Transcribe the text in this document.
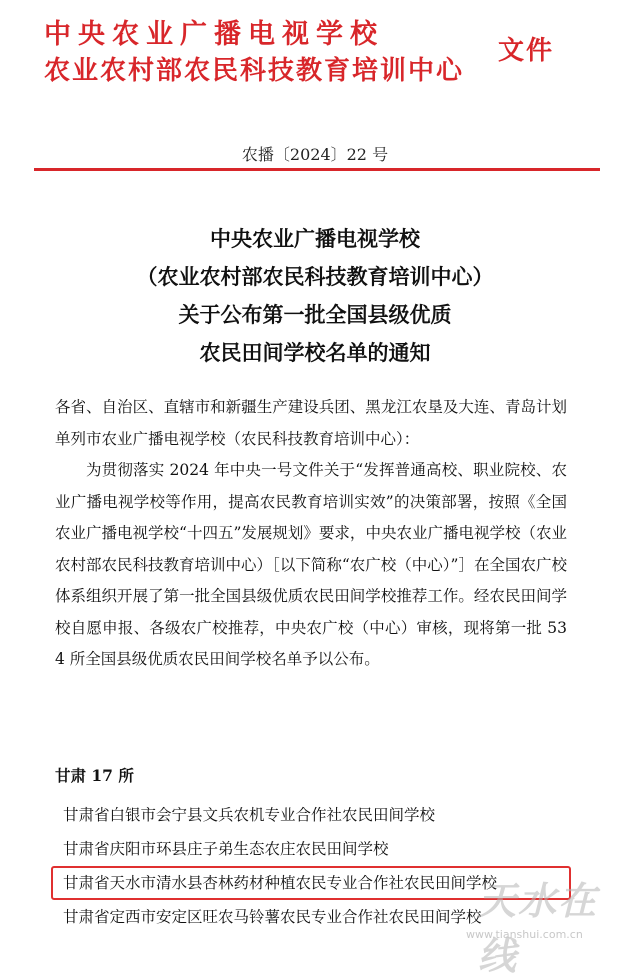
中央农业广播电视学校
农业农村部农民科技教育培训中心
文件
农播〔2024〕22 号
中央农业广播电视学校
（农业农村部农民科技教育培训中心）
关于公布第一批全国县级优质
农民田间学校名单的通知

各省、自治区、直辖市和新疆生产建设兵团、黑龙江农垦及大连、青岛计划单列市农业广播电视学校（农民科技教育培训中心）：

为贯彻落实 2024 年中央一号文件关于“发挥普通高校、职业院校、农业广播电视学校等作用，提高农民教育培训实效”的决策部署，按照《全国农业广播电视学校“十四五”发展规划》要求，中央农业广播电视学校（农业农村部农民科技教育培训中心）［以下简称“农广校（中心）”］在全国农广校体系组织开展了第一批全国县级优质农民田间学校推荐工作。经农民田间学校自愿申报、各级农广校推荐，中央农广校（中心）审核，现将第一批 534 所全国县级优质农民田间学校名单予以公布。

甘肃 17 所
甘肃省白银市会宁县文兵农机专业合作社农民田间学校
甘肃省庆阳市环县庄子弟生态农庄农民田间学校
甘肃省天水市清水县杏林药材种植农民专业合作社农民田间学校
甘肃省定西市安定区旺农马铃薯农民专业合作社农民田间学校
天水在线
www.tianshui.com.cn
